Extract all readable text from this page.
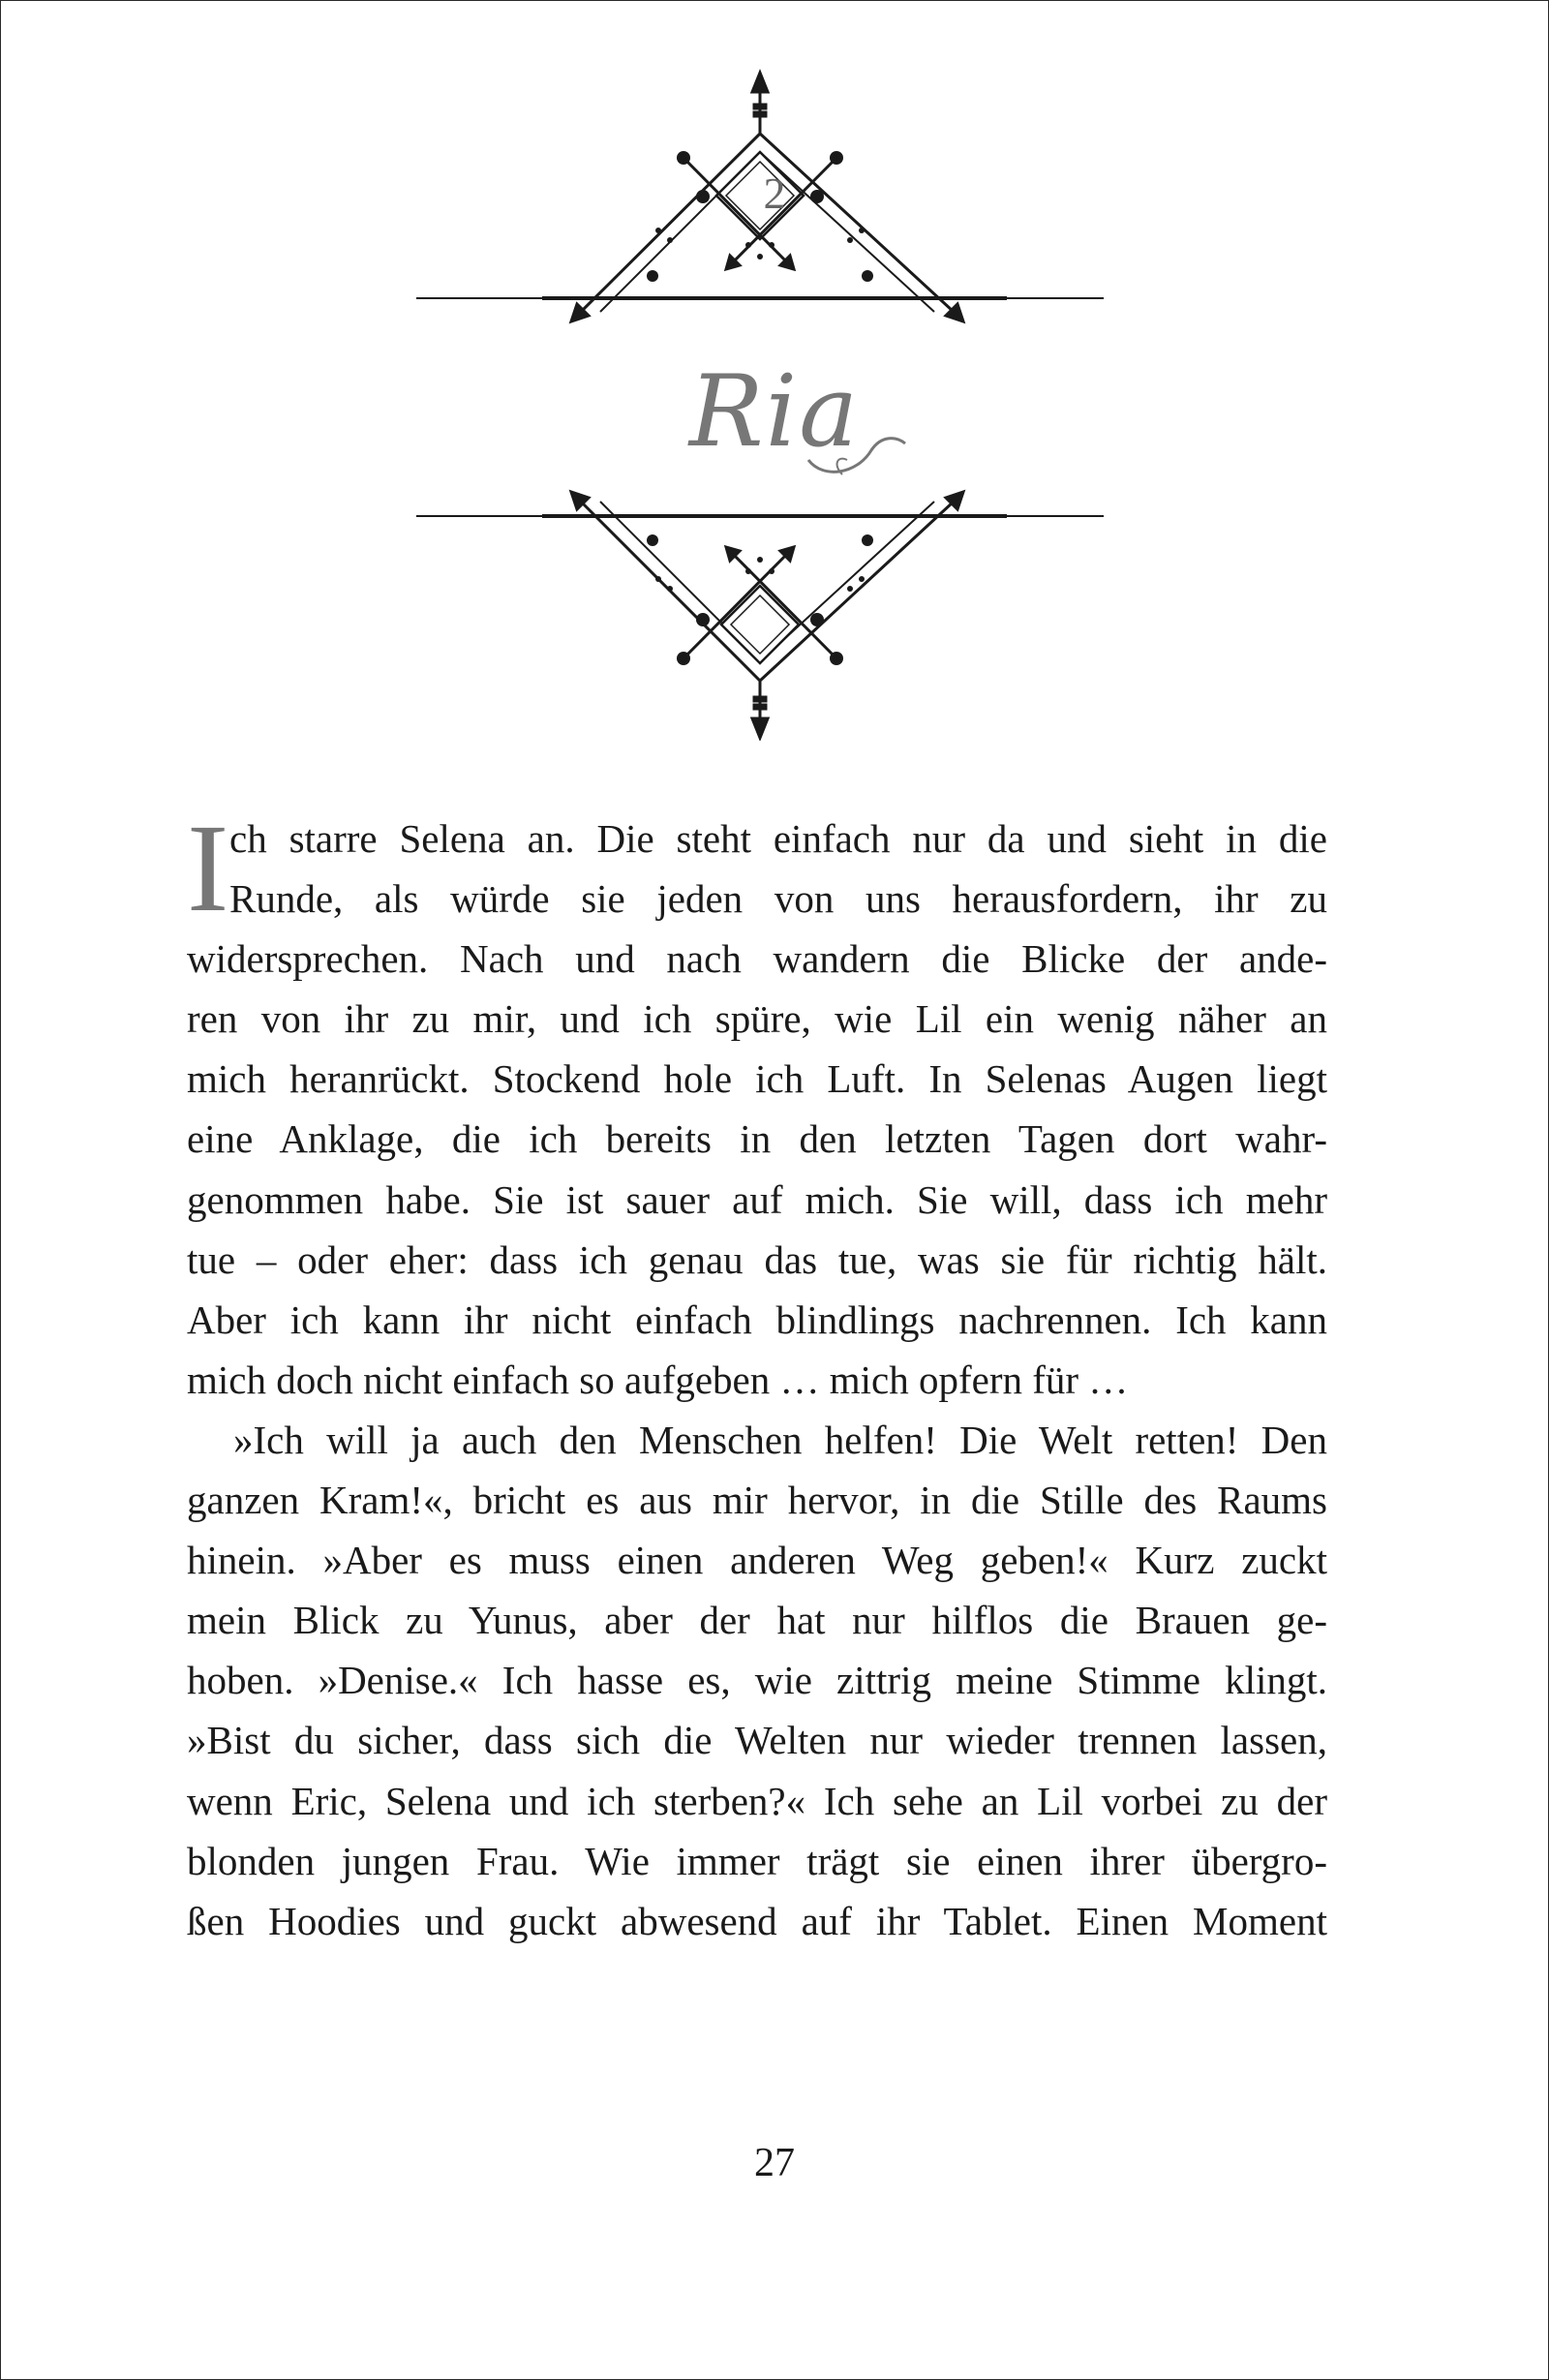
2
Ria
I ch starre Selena an. Die steht einfach nur da und sieht in die
Runde, als würde sie jeden von uns herausfordern, ihr zu
widersprechen. Nach und nach wandern die Blicke der ande-
ren von ihr zu mir, und ich spüre, wie Lil ein wenig näher an
mich heranrückt. Stockend hole ich Luft. In Selenas Augen liegt
eine Anklage, die ich bereits in den letzten Tagen dort wahr-
genommen habe. Sie ist sauer auf mich. Sie will, dass ich mehr
tue – oder eher: dass ich genau das tue, was sie für richtig hält.
Aber ich kann ihr nicht einfach blindlings nachrennen. Ich kann
mich doch nicht einfach so aufgeben … mich opfern für …
»Ich will ja auch den Menschen helfen! Die Welt retten! Den
ganzen Kram!«, bricht es aus mir hervor, in die Stille des Raums
hinein. »Aber es muss einen anderen Weg geben!« Kurz zuckt
mein Blick zu Yunus, aber der hat nur hilflos die Brauen ge-
hoben. »Denise.« Ich hasse es, wie zittrig meine Stimme klingt.
»Bist du sicher, dass sich die Welten nur wieder trennen lassen,
wenn Eric, Selena und ich sterben?« Ich sehe an Lil vorbei zu der
blonden jungen Frau. Wie immer trägt sie einen ihrer übergro-
ßen Hoodies und guckt abwesend auf ihr Tablet. Einen Moment
27
